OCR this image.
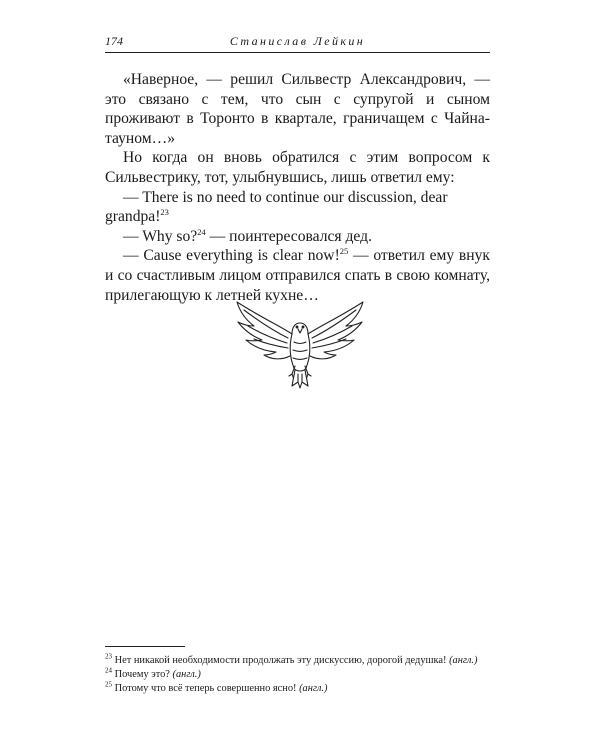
174	Станислав Лейкин

«Наверное, — решил Сильвестр Александрович, — это связано с тем, что сын с супругой и сыном проживают в Торонто в квартале, граничащем с Чайна-тауном…»

Но когда он вновь обратился с этим вопросом к Сильвестрику, тот, улыбнувшись, лишь ответил ему:

— There is no need to continue our discussion, dear

grandpa!$^{23}$

— Why so?$^{24}$ — поинтересовался дед.

— Cause everything is clear now!$^{25}$ — ответил ему внук и со счастливым лицом отправился спать в свою комнату, прилегающую к летней кухне…

$^{23}$ Нет никакой необходимости продолжать эту дискуссию, дорогой дедушка! (англ.)
$^{24}$ Почему это? (англ.)
$^{25}$ Потому что всё теперь совершенно ясно! (англ.)
